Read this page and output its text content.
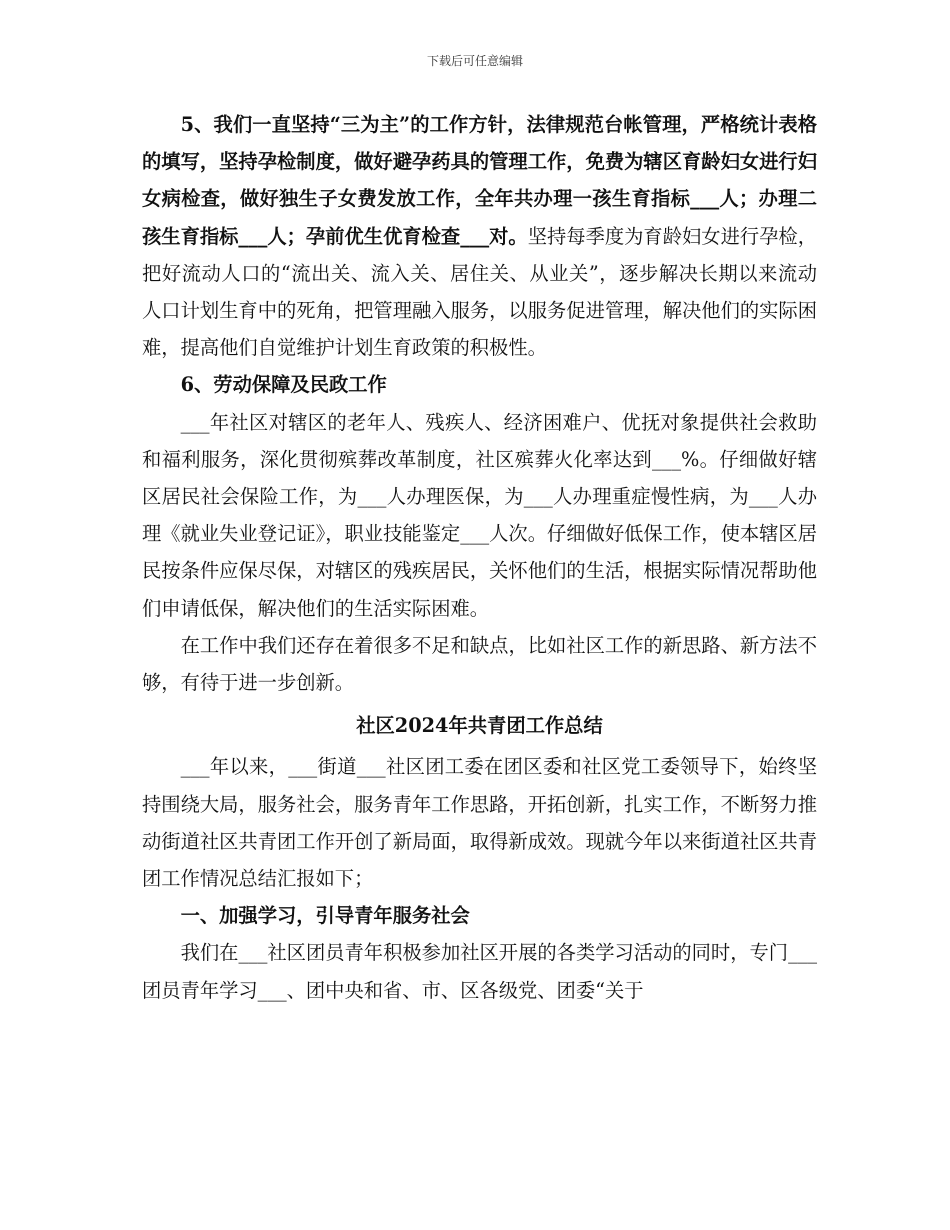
下载后可任意编辑

5、我们一直坚持“三为主”的工作方针，法律规范台帐管理，严格统计表格的填写，坚持孕检制度，做好避孕药具的管理工作，免费为辖区育龄妇女进行妇女病检查，做好独生子女费发放工作，全年共办理一孩生育指标___人；办理二孩生育指标___人；孕前优生优育检查___对。坚持每季度为育龄妇女进行孕检，把好流动人口的“流出关、流入关、居住关、从业关”，逐步解决长期以来流动人口计划生育中的死角，把管理融入服务，以服务促进管理，解决他们的实际困难，提高他们自觉维护计划生育政策的积极性。

6、劳动保障及民政工作

___年社区对辖区的老年人、残疾人、经济困难户、优抚对象提供社会救助和福利服务，深化贯彻殡葬改革制度，社区殡葬火化率达到___%。仔细做好辖区居民社会保险工作，为___人办理医保，为___人办理重症慢性病，为___人办理《就业失业登记证》，职业技能鉴定___人次。仔细做好低保工作，使本辖区居民按条件应保尽保，对辖区的残疾居民，关怀他们的生活，根据实际情况帮助他们申请低保，解决他们的生活实际困难。

在工作中我们还存在着很多不足和缺点，比如社区工作的新思路、新方法不够，有待于进一步创新。

社区2024年共青团工作总结

___年以来，___街道___社区团工委在团区委和社区党工委领导下，始终坚持围绕大局，服务社会，服务青年工作思路，开拓创新，扎实工作，不断努力推动街道社区共青团工作开创了新局面，取得新成效。现就今年以来街道社区共青团工作情况总结汇报如下；

一、加强学习，引导青年服务社会

我们在___社区团员青年积极参加社区开展的各类学习活动的同时，专门___团员青年学习___、团中央和省、市、区各级党、团委“关于
